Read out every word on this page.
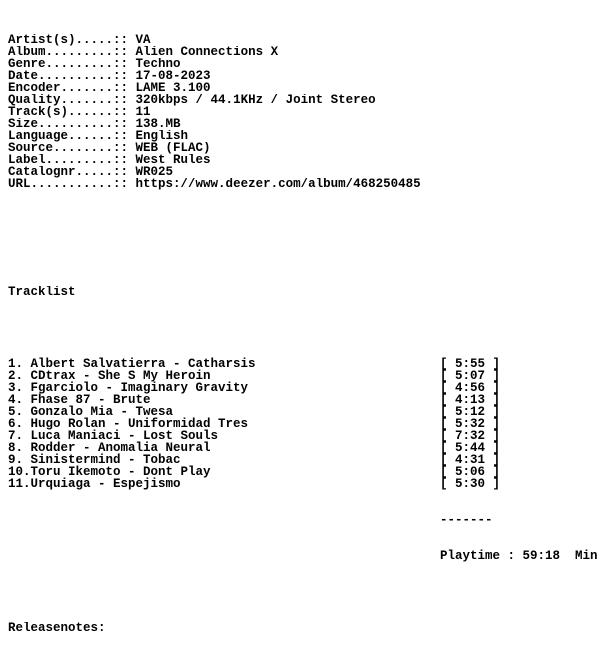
Artist(s).....:: VA
Album.........:: Alien Connections X
Genre.........:: Techno
Date..........:: 17-08-2023
Encoder.......:: LAME 3.100
Quality.......:: 320kbps / 44.1KHz / Joint Stereo
Track(s)......:: 11
Size..........:: 138.MB
Language......:: English
Source........:: WEB (FLAC)
Label.........:: West Rules
Catalognr.....:: WR025
URL...........:: https://www.deezer.com/album/468250485

Tracklist

1. Albert Salvatierra - Catharsis	[ 5:55 ]
2. CDtrax - She S My Heroin	[ 5:07 ]
3. Fgarciolo - Imaginary Gravity	[ 4:56 ]
4. Fhase 87 - Brute	[ 4:13 ]
5. Gonzalo Mia - Twesa	[ 5:12 ]
6. Hugo Rolan - Uniformidad Tres	[ 5:32 ]
7. Luca Maniaci - Lost Souls	[ 7:32 ]
8. Rodder - Anomalia Neural	[ 5:44 ]
9. Sinistermind - Tobac	[ 4:31 ]
10.Toru Ikemoto - Dont Play	[ 5:06 ]
11.Urquiaga - Espejismo	[ 5:30 ]

-------

Playtime : 59:18  Min

Releasenotes:
